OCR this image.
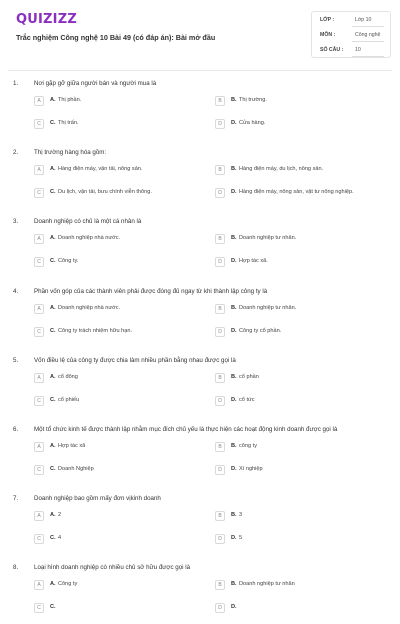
QUIZIZZ
Trắc nghiệm Công nghệ 10 Bài 49 (có đáp án): Bài mở đầu
LỚP :	Lớp 10
MÔN :	Công nghệ
SỐ CÂU : 10
1.	Nơi gặp gỡ giữa người bán và người mua là
A	A. Thị phần.	B	B. Thị trường.
C	C. Thị trấn.	D	D. Cửa hàng.
2.	Thị trường hàng hóa gồm:
A	A. Hàng điện máy, vận tải, nông sản.	B	B. Hàng điện máy, du lịch, nông sản.
C	C. Du lịch, vận tải, bưu chính viễn thông.	D	D. Hàng điện máy, nông sản, vật tư nông nghiệp.
3.	Doanh nghiệp có chủ là một cá nhân là
A	A. Doanh nghiệp nhà nước.	B	B. Doanh nghiệp tư nhân.
C	C. Công ty.	D	D. Hợp tác xã.
4.	Phần vốn góp của các thành viên phải được đóng đủ ngay từ khi thành lập công ty là
A	A. Doanh nghiệp nhà nước.	B	B. Doanh nghiệp tư nhân.
C	C. Công ty trách nhiệm hữu hạn.	D	D. Công ty cổ phần.
5.	Vốn điều lệ của công ty được chia làm nhiều phần bằng nhau được gọi là
A	A. cổ đông	B	B. cổ phần
C	C. cổ phiếu	D	D. cổ tức
6.	Một tổ chức kinh tế được thành lập nhằm mục đích chủ yếu là thực hiện các hoạt động kinh doanh được gọi là
A	A. Hợp tác xã	B	B. công ty
C	C. Doanh Nghiệp	D	D. Xí nghiệp
7.	Doanh nghiệp bao gồm mấy đơn vịkinh doanh
A	A. 2	B	B. 3
C	C. 4	D	D. 5
8.	Loại hình doanh nghiệp có nhiều chủ sở hữu được gọi là
A	A. Công ty	B	B. Doanh nghiệp tư nhân
C	C.	D	D.
